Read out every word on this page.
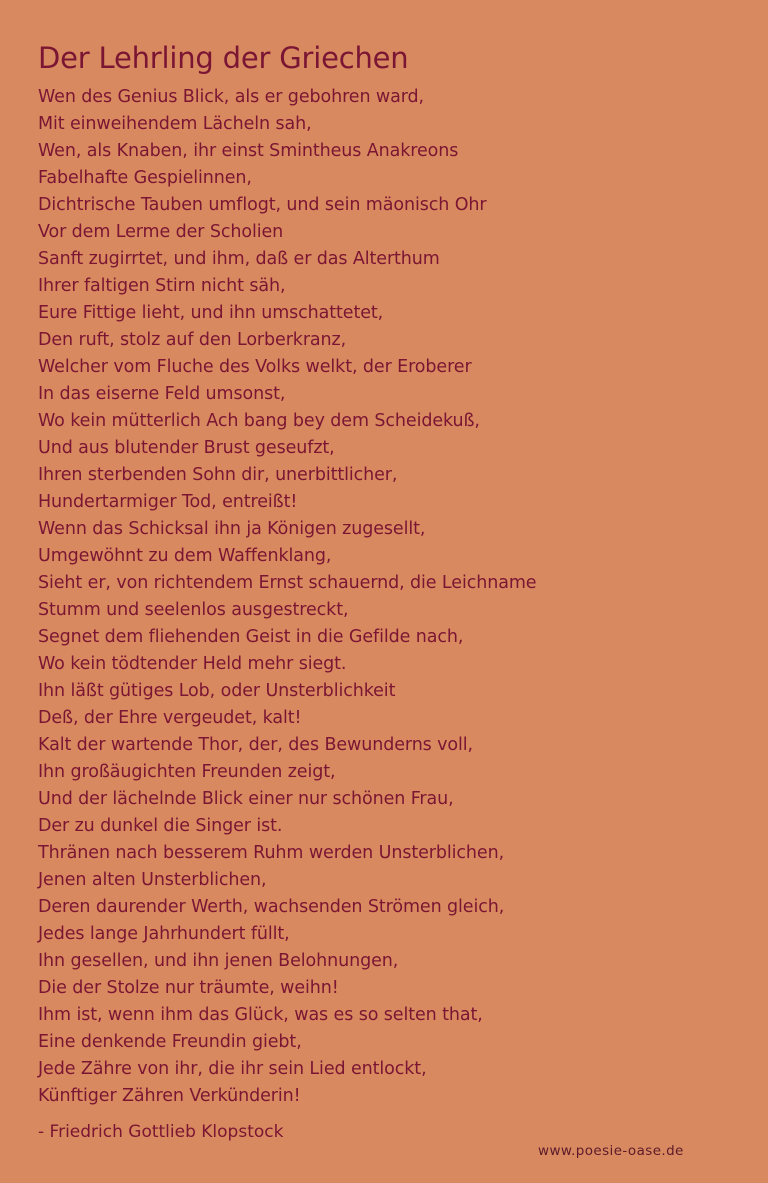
Der Lehrling der Griechen
Wen des Genius Blick, als er gebohren ward,
Mit einweihendem Lächeln sah,
Wen, als Knaben, ihr einst Smintheus Anakreons
Fabelhafte Gespielinnen,
Dichtrische Tauben umflogt, und sein mäonisch Ohr
Vor dem Lerme der Scholien
Sanft zugirrtet, und ihm, daß er das Alterthum
Ihrer faltigen Stirn nicht säh,
Eure Fittige lieht, und ihn umschattetet,
Den ruft, stolz auf den Lorberkranz,
Welcher vom Fluche des Volks welkt, der Eroberer
In das eiserne Feld umsonst,
Wo kein mütterlich Ach bang bey dem Scheidekuß,
Und aus blutender Brust geseufzt,
Ihren sterbenden Sohn dir, unerbittlicher,
Hundertarmiger Tod, entreißt!
Wenn das Schicksal ihn ja Königen zugesellt,
Umgewöhnt zu dem Waffenklang,
Sieht er, von richtendem Ernst schauernd, die Leichname
Stumm und seelenlos ausgestreckt,
Segnet dem fliehenden Geist in die Gefilde nach,
Wo kein tödtender Held mehr siegt.
Ihn läßt gütiges Lob, oder Unsterblichkeit
Deß, der Ehre vergeudet, kalt!
Kalt der wartende Thor, der, des Bewunderns voll,
Ihn großäugichten Freunden zeigt,
Und der lächelnde Blick einer nur schönen Frau,
Der zu dunkel die Singer ist.
Thränen nach besserem Ruhm werden Unsterblichen,
Jenen alten Unsterblichen,
Deren daurender Werth, wachsenden Strömen gleich,
Jedes lange Jahrhundert füllt,
Ihn gesellen, und ihn jenen Belohnungen,
Die der Stolze nur träumte, weihn!
Ihm ist, wenn ihm das Glück, was es so selten that,
Eine denkende Freundin giebt,
Jede Zähre von ihr, die ihr sein Lied entlockt,
Künftiger Zähren Verkünderin!
- Friedrich Gottlieb Klopstock
www.poesie-oase.de
